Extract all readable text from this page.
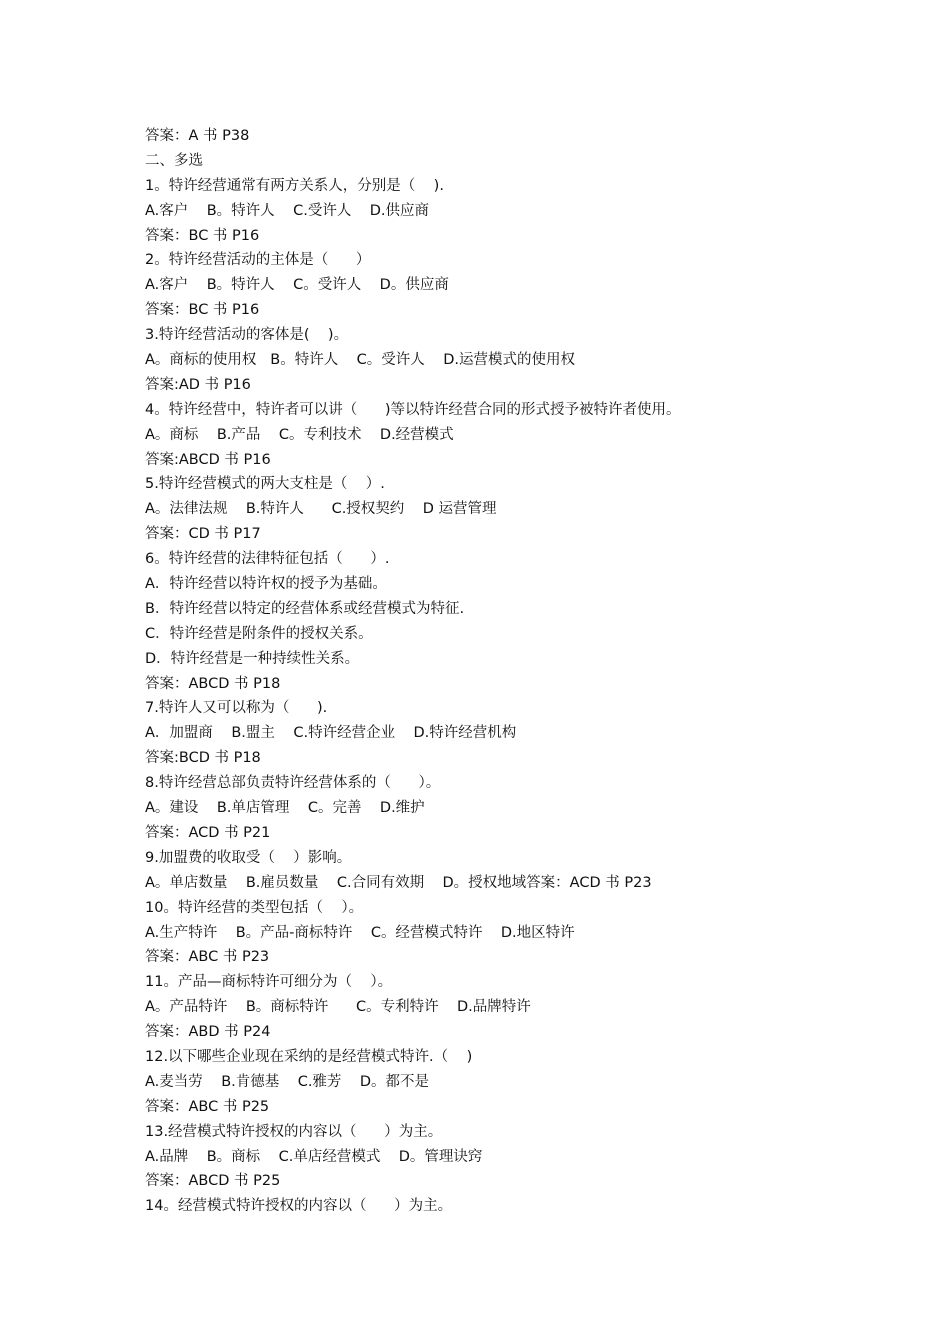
答案：A 书 P38
二、多选
1。特许经营通常有两方关系人，分别是（    ).
A.客户    B。特许人    C.受许人    D.供应商
答案：BC 书 P16
2。特许经营活动的主体是（      ）
A.客户    B。特许人    C。受许人    D。供应商
答案：BC 书 P16
3.特许经营活动的客体是(    )。
A。商标的使用权   B。特许人    C。受许人    D.运营模式的使用权
答案:AD 书 P16
4。特许经营中，特许者可以讲（      )等以特许经营合同的形式授予被特许者使用。
A。商标    B.产品    C。专利技术    D.经营模式
答案:ABCD 书 P16
5.特许经营模式的两大支柱是（    ）.
A。法律法规    B.特许人      C.授权契约    D 运营管理
答案：CD 书 P17
6。特许经营的法律特征包括（      ）.
A．特许经营以特许权的授予为基础。
B．特许经营以特定的经营体系或经营模式为特征.
C．特许经营是附条件的授权关系。
D．特许经营是一种持续性关系。
答案：ABCD 书 P18
7.特许人又可以称为（      ).
A．加盟商    B.盟主    C.特许经营企业    D.特许经营机构
答案:BCD 书 P18
8.特许经营总部负责特许经营体系的（      ）。
A。建设    B.单店管理    C。完善    D.维护
答案：ACD 书 P21
9.加盟费的收取受（    ）影响。
A。单店数量    B.雇员数量    C.合同有效期    D。授权地域答案：ACD 书 P23
10。特许经营的类型包括（    ）。
A.生产特许    B。产品-商标特许    C。经营模式特许    D.地区特许
答案：ABC 书 P23
11。产品—商标特许可细分为（    ）。
A。产品特许    B。商标特许      C。专利特许    D.品牌特许
答案：ABD 书 P24
12.以下哪些企业现在采纳的是经营模式特许.（    )
A.麦当劳    B.肯德基    C.雅芳    D。都不是
答案：ABC 书 P25
13.经营模式特许授权的内容以（      ）为主。
A.品牌    B。商标    C.单店经营模式    D。管理诀窍
答案：ABCD 书 P25
14。经营模式特许授权的内容以（      ）为主。
